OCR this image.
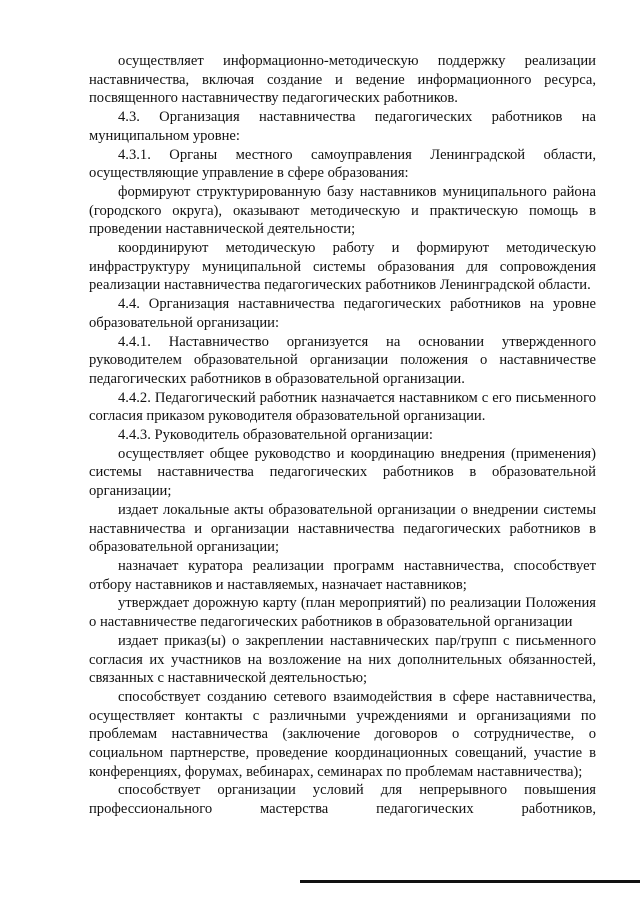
осуществляет информационно-методическую поддержку реализации наставничества, включая создание и ведение информационного ресурса, посвященного наставничеству педагогических работников.

4.3. Организация наставничества педагогических работников на муниципальном уровне:

4.3.1. Органы местного самоуправления Ленинградской области, осуществляющие управление в сфере образования:

формируют структурированную базу наставников муниципального района (городского округа), оказывают методическую и практическую помощь в проведении наставнической деятельности;

координируют методическую работу и формируют методическую инфраструктуру муниципальной системы образования для сопровождения реализации наставничества педагогических работников Ленинградской области.

4.4. Организация наставничества педагогических работников на уровне образовательной организации:

4.4.1. Наставничество организуется на основании утвержденного руководителем образовательной организации положения о наставничестве педагогических работников в образовательной организации.

4.4.2. Педагогический работник назначается наставником с его письменного согласия приказом руководителя образовательной организации.

4.4.3. Руководитель образовательной организации:

осуществляет общее руководство и координацию внедрения (применения) системы наставничества педагогических работников в образовательной организации;

издает локальные акты образовательной организации о внедрении системы наставничества и организации наставничества педагогических работников в образовательной организации;

назначает куратора реализации программ наставничества, способствует отбору наставников и наставляемых, назначает наставников;

утверждает дорожную карту (план мероприятий) по реализации Положения о наставничестве педагогических работников в образовательной организации

издает приказ(ы) о закреплении наставнических пар/групп с письменного согласия их участников на возложение на них дополнительных обязанностей, связанных с наставнической деятельностью;

способствует созданию сетевого взаимодействия в сфере наставничества, осуществляет контакты с различными учреждениями и организациями по проблемам наставничества (заключение договоров о сотрудничестве, о социальном партнерстве, проведение координационных совещаний, участие в конференциях, форумах, вебинарах, семинарах по проблемам наставничества);

способствует организации условий для непрерывного повышения профессионального мастерства педагогических работников,
